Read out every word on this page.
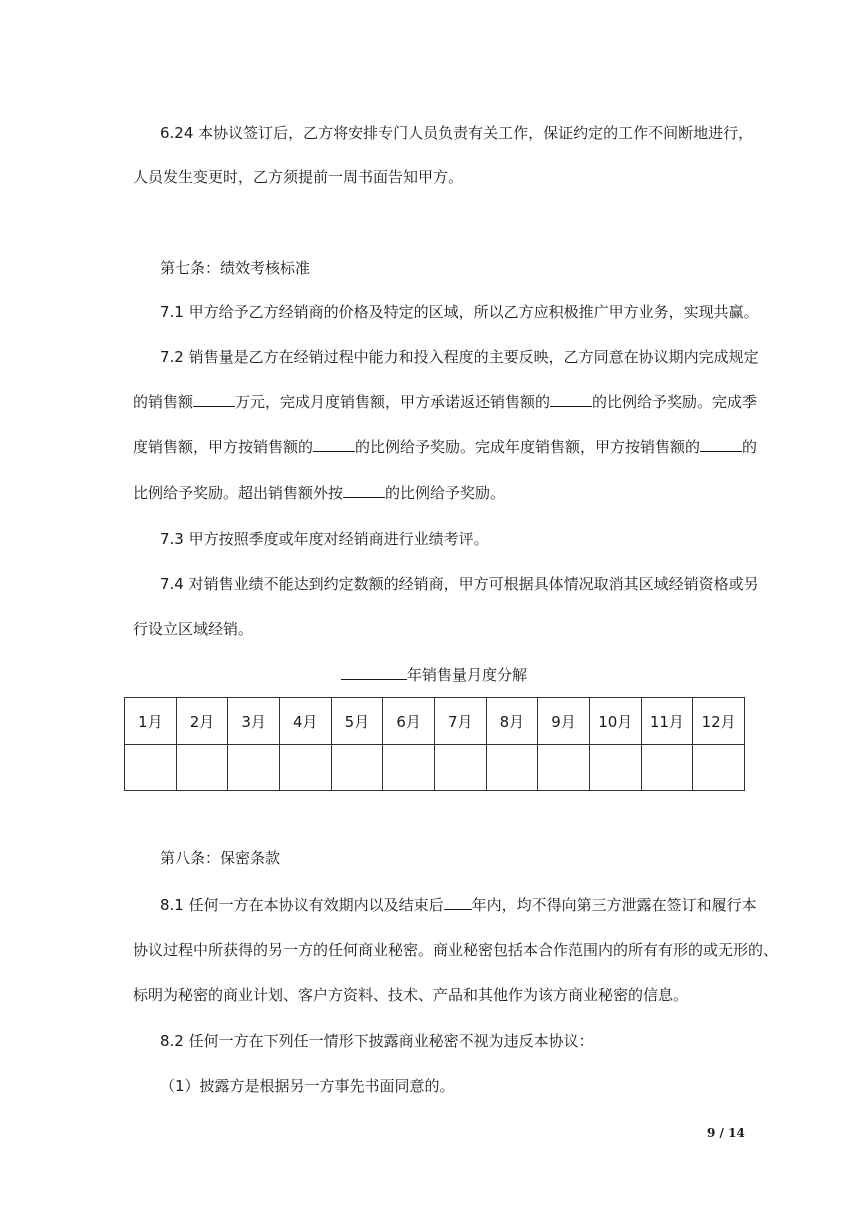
6.24 本协议签订后，乙方将安排专门人员负责有关工作，保证约定的工作不间断地进行，
人员发生变更时，乙方须提前一周书面告知甲方。
第七条：绩效考核标准
7.1 甲方给予乙方经销商的价格及特定的区域，所以乙方应积极推广甲方业务，实现共赢。
7.2 销售量是乙方在经销过程中能力和投入程度的主要反映，乙方同意在协议期内完成规定
的销售额	万元，完成月度销售额，甲方承诺返还销售额的	的比例给予奖励。完成季
度销售额，甲方按销售额的	的比例给予奖励。完成年度销售额，甲方按销售额的	的
比例给予奖励。超出销售额外按	的比例给予奖励。
7.3 甲方按照季度或年度对经销商进行业绩考评。
7.4 对销售业绩不能达到约定数额的经销商，甲方可根据具体情况取消其区域经销资格或另
行设立区域经销。
年销售量月度分解
1月	2月	3月	4月	5月	6月	7月	8月	9月	10月	11月	12月

第八条：保密条款
8.1 任何一方在本协议有效期内以及结束后 年内，均不得向第三方泄露在签订和履行本
协议过程中所获得的另一方的任何商业秘密。商业秘密包括本合作范围内的所有有形的或无形的、
标明为秘密的商业计划、客户方资料、技术、产品和其他作为该方商业秘密的信息。
8.2 任何一方在下列任一情形下披露商业秘密不视为违反本协议：
（1）披露方是根据另一方事先书面同意的。
9 / 14
